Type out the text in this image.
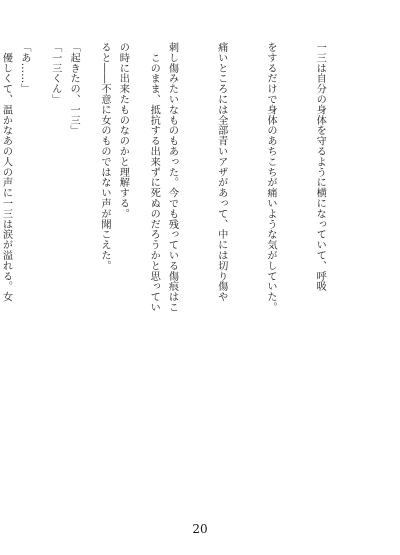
一三は自分の身体を守るように横になっていて、呼吸

をするだけで身体のあちこちが痛いような気がしていた。

痛いところには全部青いアザがあって、中には切り傷や

刺し傷みたいなものもあった。今でも残っている傷痕はこ

の時に出来たものなのかと理解する。

「起きたの、一三」

「あ……」

	　このまま、抵抗する出来ずに死ぬのだろうかと思ってい

ると――不意に女のものではない声が聞こえた。

「一三くん」

　優しくて、温かなあの人の声に一三は涙が溢れる。女

20
